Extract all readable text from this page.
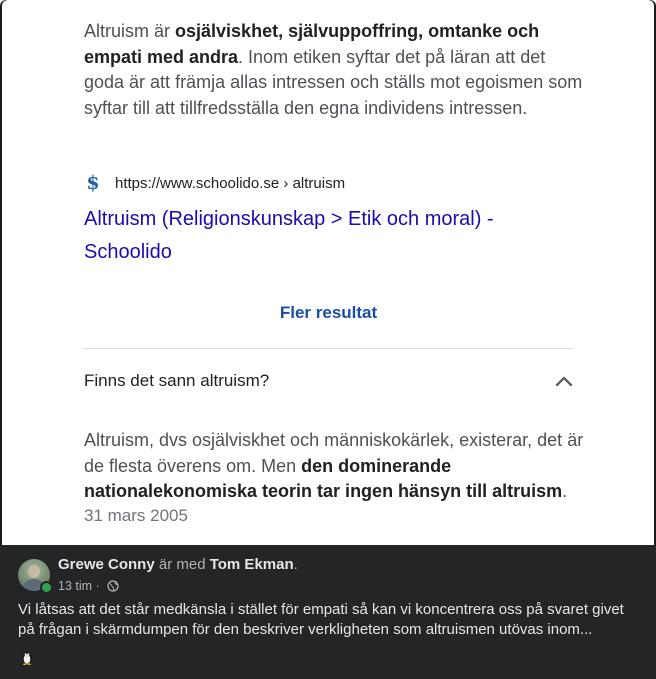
Altruism är osjälviskhet, självuppoffring, omtanke och empati med andra. Inom etiken syftar det på läran att det goda är att främja allas intressen och ställs mot egoismen som syftar till att tillfredsställa den egna individens intressen.
$ https://www.schoolido.se › altruism
Altruism (Religionskunskap > Etik och moral) - Schoolido
Fler resultat
Finns det sann altruism?
Altruism, dvs osjälviskhet och människokärlek, existerar, det är de flesta överens om. Men den dominerande nationalekonomiska teorin tar ingen hänsyn till altruism.
31 mars 2005
Grewe Conny är med Tom Ekman.
13 tim ·
Vi låtsas att det står medkänsla i stället för empati så kan vi koncentrera oss på svaret givet på frågan i skärmdumpen för den beskriver verkligheten som altruismen utövas inom...
